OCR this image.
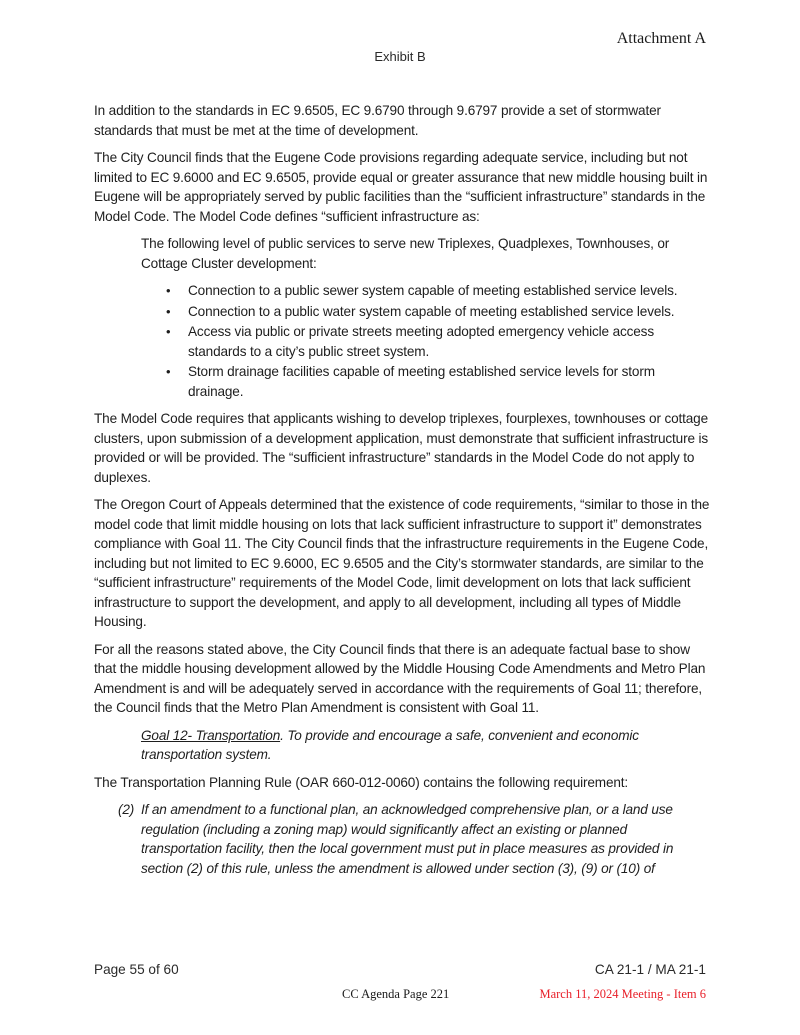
Attachment A
Exhibit B

In addition to the standards in EC 9.6505, EC 9.6790 through 9.6797 provide a set of stormwater standards that must be met at the time of development.

The City Council finds that the Eugene Code provisions regarding adequate service, including but not limited to EC 9.6000 and EC 9.6505, provide equal or greater assurance that new middle housing built in Eugene will be appropriately served by public facilities than the “sufficient infrastructure” standards in the Model Code. The Model Code defines “sufficient infrastructure as:

The following level of public services to serve new Triplexes, Quadplexes, Townhouses, or Cottage Cluster development:

• Connection to a public sewer system capable of meeting established service levels.
• Connection to a public water system capable of meeting established service levels.
• Access via public or private streets meeting adopted emergency vehicle access standards to a city’s public street system.
• Storm drainage facilities capable of meeting established service levels for storm drainage.

The Model Code requires that applicants wishing to develop triplexes, fourplexes, townhouses or cottage clusters, upon submission of a development application, must demonstrate that sufficient infrastructure is provided or will be provided. The “sufficient infrastructure” standards in the Model Code do not apply to duplexes.

The Oregon Court of Appeals determined that the existence of code requirements, “similar to those in the model code that limit middle housing on lots that lack sufficient infrastructure to support it” demonstrates compliance with Goal 11. The City Council finds that the infrastructure requirements in the Eugene Code, including but not limited to EC 9.6000, EC 9.6505 and the City’s stormwater standards, are similar to the “sufficient infrastructure” requirements of the Model Code, limit development on lots that lack sufficient infrastructure to support the development, and apply to all development, including all types of Middle Housing.

For all the reasons stated above, the City Council finds that there is an adequate factual base to show that the middle housing development allowed by the Middle Housing Code Amendments and Metro Plan Amendment is and will be adequately served in accordance with the requirements of Goal 11; therefore, the Council finds that the Metro Plan Amendment is consistent with Goal 11.

Goal 12- Transportation. To provide and encourage a safe, convenient and economic transportation system.

The Transportation Planning Rule (OAR 660-012-0060) contains the following requirement:

(2) If an amendment to a functional plan, an acknowledged comprehensive plan, or a land use regulation (including a zoning map) would significantly affect an existing or planned transportation facility, then the local government must put in place measures as provided in section (2) of this rule, unless the amendment is allowed under section (3), (9) or (10) of
Page 55 of 60	CA 21-1 / MA 21-1
CC Agenda Page 221	March 11, 2024 Meeting - Item 6
